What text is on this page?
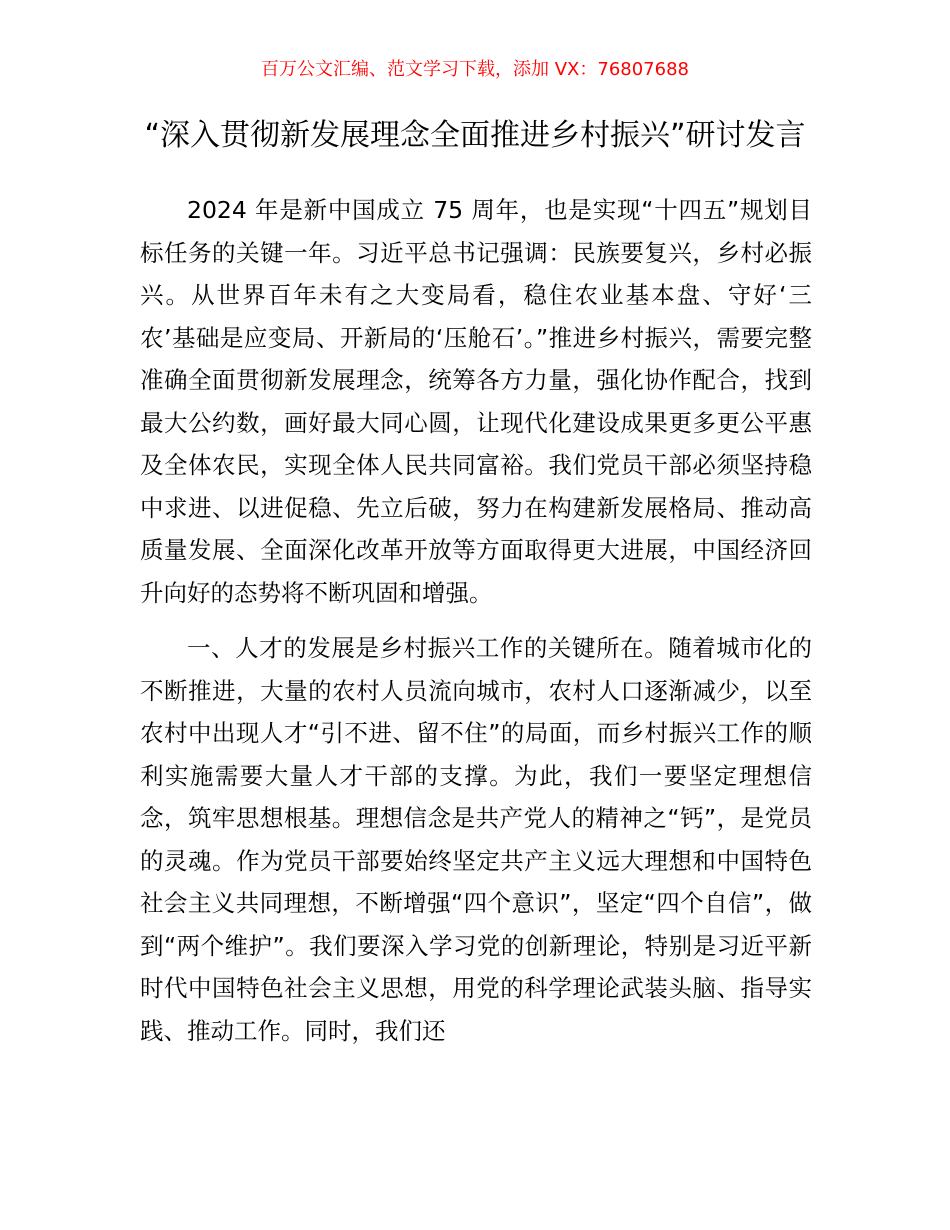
百万公文汇编、范文学习下载，添加 VX：76807688
“深入贯彻新发展理念全面推进乡村振兴”研讨发言

2024 年是新中国成立 75 周年，也是实现“十四五”规划目标任务的关键一年。习近平总书记强调：民族要复兴，乡村必振兴。从世界百年未有之大变局看，稳住农业基本盘、守好‘三农’基础是应变局、开新局的‘压舱石’。”推进乡村振兴，需要完整准确全面贯彻新发展理念，统筹各方力量，强化协作配合，找到最大公约数，画好最大同心圆，让现代化建设成果更多更公平惠及全体农民，实现全体人民共同富裕。我们党员干部必须坚持稳中求进、以进促稳、先立后破，努力在构建新发展格局、推动高质量发展、全面深化改革开放等方面取得更大进展，中国经济回升向好的态势将不断巩固和增强。

一、人才的发展是乡村振兴工作的关键所在。随着城市化的不断推进，大量的农村人员流向城市，农村人口逐渐减少，以至农村中出现人才“引不进、留不住”的局面，而乡村振兴工作的顺利实施需要大量人才干部的支撑。为此，我们一要坚定理想信念，筑牢思想根基。理想信念是共产党人的精神之“钙”，是党员的灵魂。作为党员干部要始终坚定共产主义远大理想和中国特色社会主义共同理想，不断增强“四个意识”，坚定“四个自信”，做到“两个维护”。我们要深入学习党的创新理论，特别是习近平新时代中国特色社会主义思想，用党的科学理论武装头脑、指导实践、推动工作。同时，我们还
